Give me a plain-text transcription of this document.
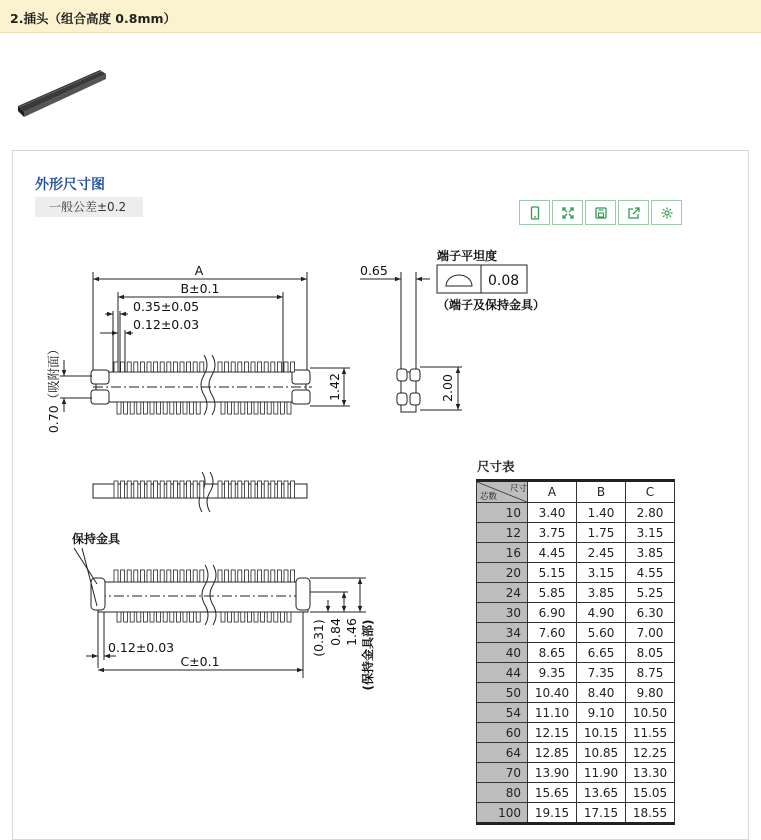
2.插头（组合高度 0.8mm）
外形尺寸图
一般公差±0.2
A
B±0.1
0.35±0.05
0.12±0.03
0.70（吸附面）	1.42
0.65
端子平坦度
0.08
（端子及保持金具）
2.00
保持金具
0.12±0.03
C±0.1
(0.31) 0.84 1.46 (保持金具部)
尺寸表
芯数
尺寸	A	B	C
10	3.40	1.40	2.80
12	3.75	1.75	3.15
16	4.45	2.45	3.85
20	5.15	3.15	4.55
24	5.85	3.85	5.25
30	6.90	4.90	6.30
34	7.60	5.60	7.00
40	8.65	6.65	8.05
44	9.35	7.35	8.75
50	10.40	8.40	9.80
54	11.10	9.10	10.50
60	12.15	10.15	11.55
64	12.85	10.85	12.25
70	13.90	11.90	13.30
80	15.65	13.65	15.05
100	19.15	17.15	18.55
